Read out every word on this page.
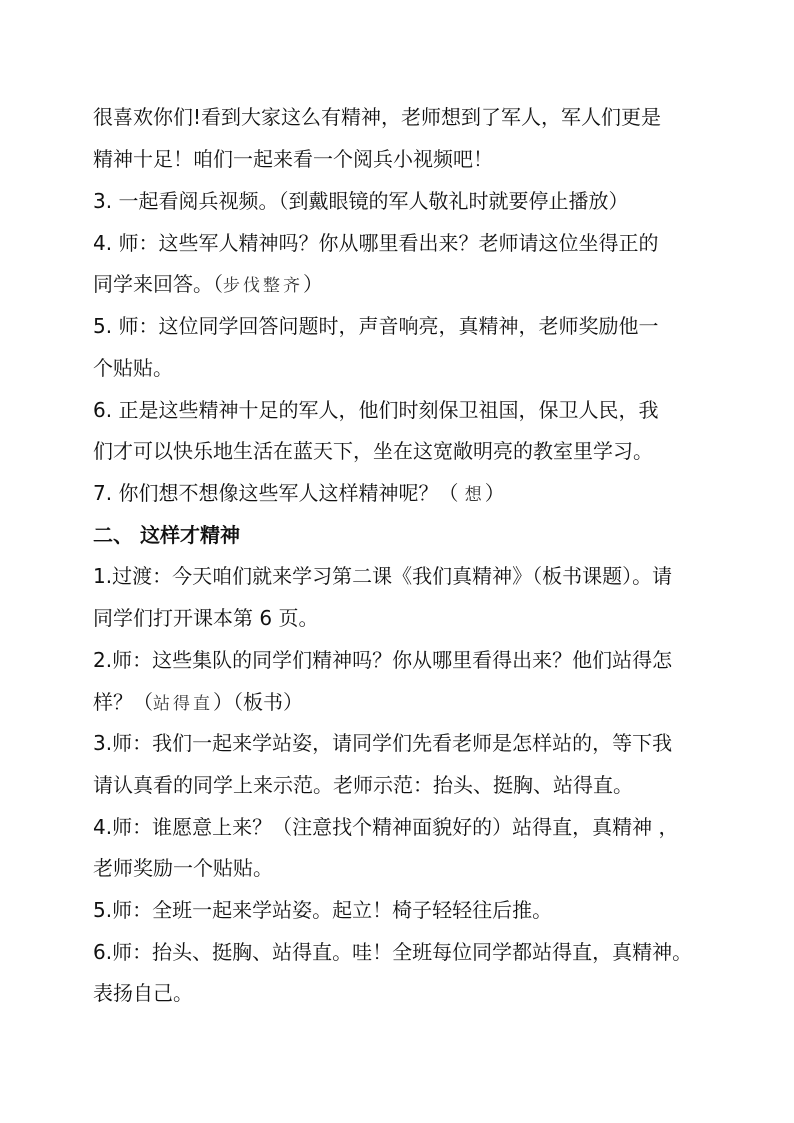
很喜欢你们!看到大家这么有精神，老师想到了军人，军人们更是
精神十足！咱们一起来看一个阅兵小视频吧！
3. 一起看阅兵视频。（到戴眼镜的军人敬礼时就要停止播放）
4. 师：这些军人精神吗？你从哪里看出来？老师请这位坐得正的
同学来回答。（步伐整齐）
5. 师：这位同学回答问题时，声音响亮，真精神，老师奖励他一
个贴贴。
6. 正是这些精神十足的军人，他们时刻保卫祖国，保卫人民，我
们才可以快乐地生活在蓝天下，坐在这宽敞明亮的教室里学习。
7. 你们想不想像这些军人这样精神呢？（ 想）
二、 这样才精神
1.过渡：今天咱们就来学习第二课《我们真精神》（板书课题）。请
同学们打开课本第 6 页。
2.师：这些集队的同学们精神吗？你从哪里看得出来？他们站得怎
样？（站得直）（板书）
3.师：我们一起来学站姿，请同学们先看老师是怎样站的，等下我
请认真看的同学上来示范。老师示范：抬头、挺胸、站得直。
4.师：谁愿意上来？（注意找个精神面貌好的）站得直，真精神 ，
老师奖励一个贴贴。
5.师：全班一起来学站姿。起立！椅子轻轻往后推。
6.师：抬头、挺胸、站得直。哇！全班每位同学都站得直，真精神。
表扬自己。
